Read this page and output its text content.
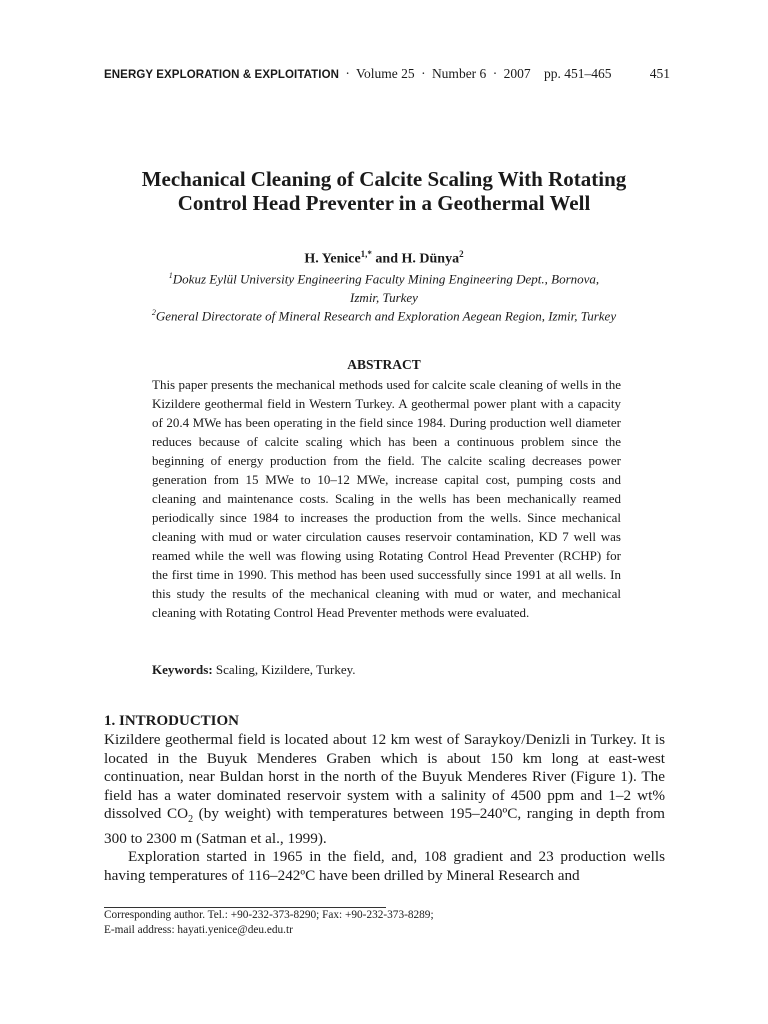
ENERGY EXPLORATION & EXPLOITATION · Volume 25 · Number 6 · 2007 pp. 451–465	451
Mechanical Cleaning of Calcite Scaling With Rotating
Control Head Preventer in a Geothermal Well
H. Yenice$^{1,*}$ and H. Dünya$^2$
$^1$Dokuz Eylül University Engineering Faculty Mining Engineering Dept., Bornova,
Izmir, Turkey
$^2$General Directorate of Mineral Research and Exploration Aegean Region, Izmir, Turkey
ABSTRACT
This paper presents the mechanical methods used for calcite scale cleaning of wells in the Kizildere geothermal field in Western Turkey. A geothermal power plant with a capacity of 20.4 MWe has been operating in the field since 1984. During production well diameter reduces because of calcite scaling which has been a continuous problem since the beginning of energy production from the field. The calcite scaling decreases power generation from 15 MWe to 10–12 MWe, increase capital cost, pumping costs and cleaning and maintenance costs. Scaling in the wells has been mechanically reamed periodically since 1984 to increases the production from the wells. Since mechanical cleaning with mud or water circulation causes reservoir contamination, KD 7 well was reamed while the well was flowing using Rotating Control Head Preventer (RCHP) for the first time in 1990. This method has been used successfully since 1991 at all wells. In this study the results of the mechanical cleaning with mud or water, and mechanical cleaning with Rotating Control Head Preventer methods were evaluated.
Keywords: Scaling, Kizildere, Turkey.
1. INTRODUCTION

Kizildere geothermal field is located about 12 km west of Saraykoy/Denizli in Turkey. It is located in the Buyuk Menderes Graben which is about 150 km long at east-west continuation, near Buldan horst in the north of the Buyuk Menderes River (Figure 1). The field has a water dominated reservoir system with a salinity of 4500 ppm and 1–2 wt% dissolved $CO_2$ (by weight) with temperatures between 195–240ºC, ranging in depth from 300 to 2300 m (Satman et al., 1999).

Exploration started in 1965 in the field, and, 108 gradient and 23 production wells having temperatures of 116–242ºC have been drilled by Mineral Research and

Corresponding author. Tel.: +90-232-373-8290; Fax: +90-232-373-8289;
E-mail address: hayati.yenice@deu.edu.tr
